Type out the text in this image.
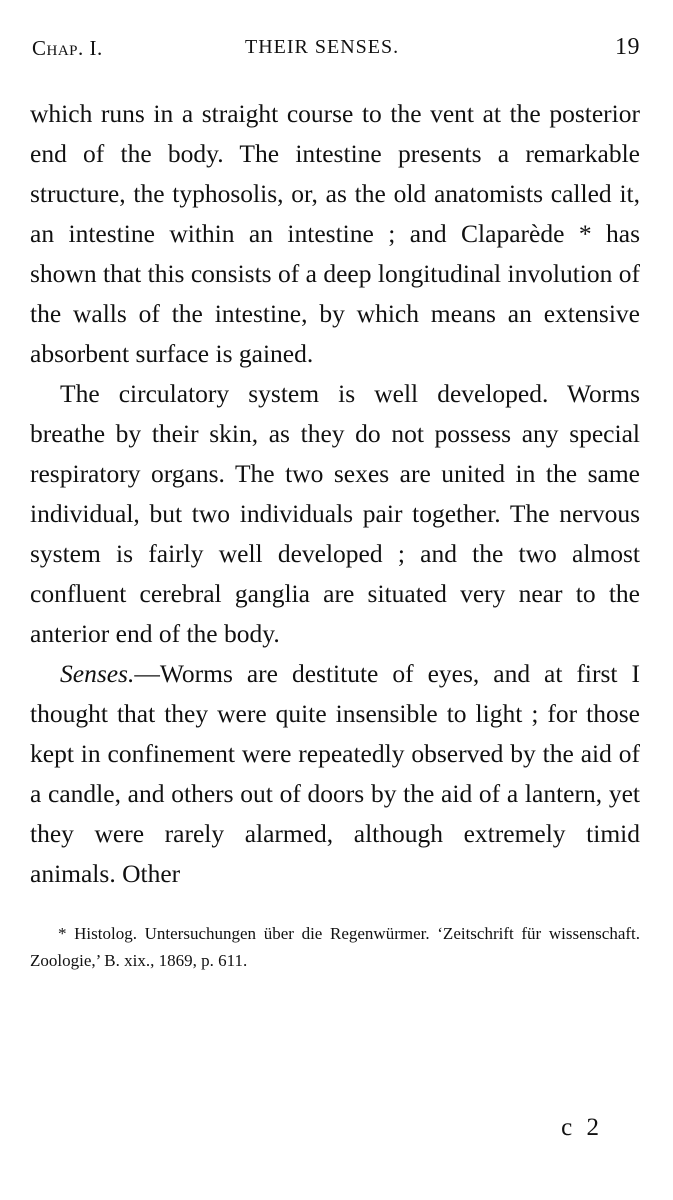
Chap. I.	THEIR SENSES.	19

which runs in a straight course to the vent at the posterior end of the body. The intestine presents a remarkable structure, the typhosolis, or, as the old anatomists called it, an intestine within an intestine ; and Claparède * has shown that this consists of a deep longitudinal involution of the walls of the intestine, by which means an extensive absorbent surface is gained.

The circulatory system is well developed. Worms breathe by their skin, as they do not possess any special respiratory organs. The two sexes are united in the same individual, but two individuals pair together. The nervous system is fairly well developed ; and the two almost confluent cerebral ganglia are situated very near to the anterior end of the body.

Senses.—Worms are destitute of eyes, and at first I thought that they were quite insensible to light ; for those kept in confinement were repeatedly observed by the aid of a candle, and others out of doors by the aid of a lantern, yet they were rarely alarmed, although extremely timid animals. Other

* Histolog. Untersuchungen über die Regenwürmer. ‘Zeitschrift für wissenschaft. Zoologie,’ B. xix., 1869, p. 611.

c 2
